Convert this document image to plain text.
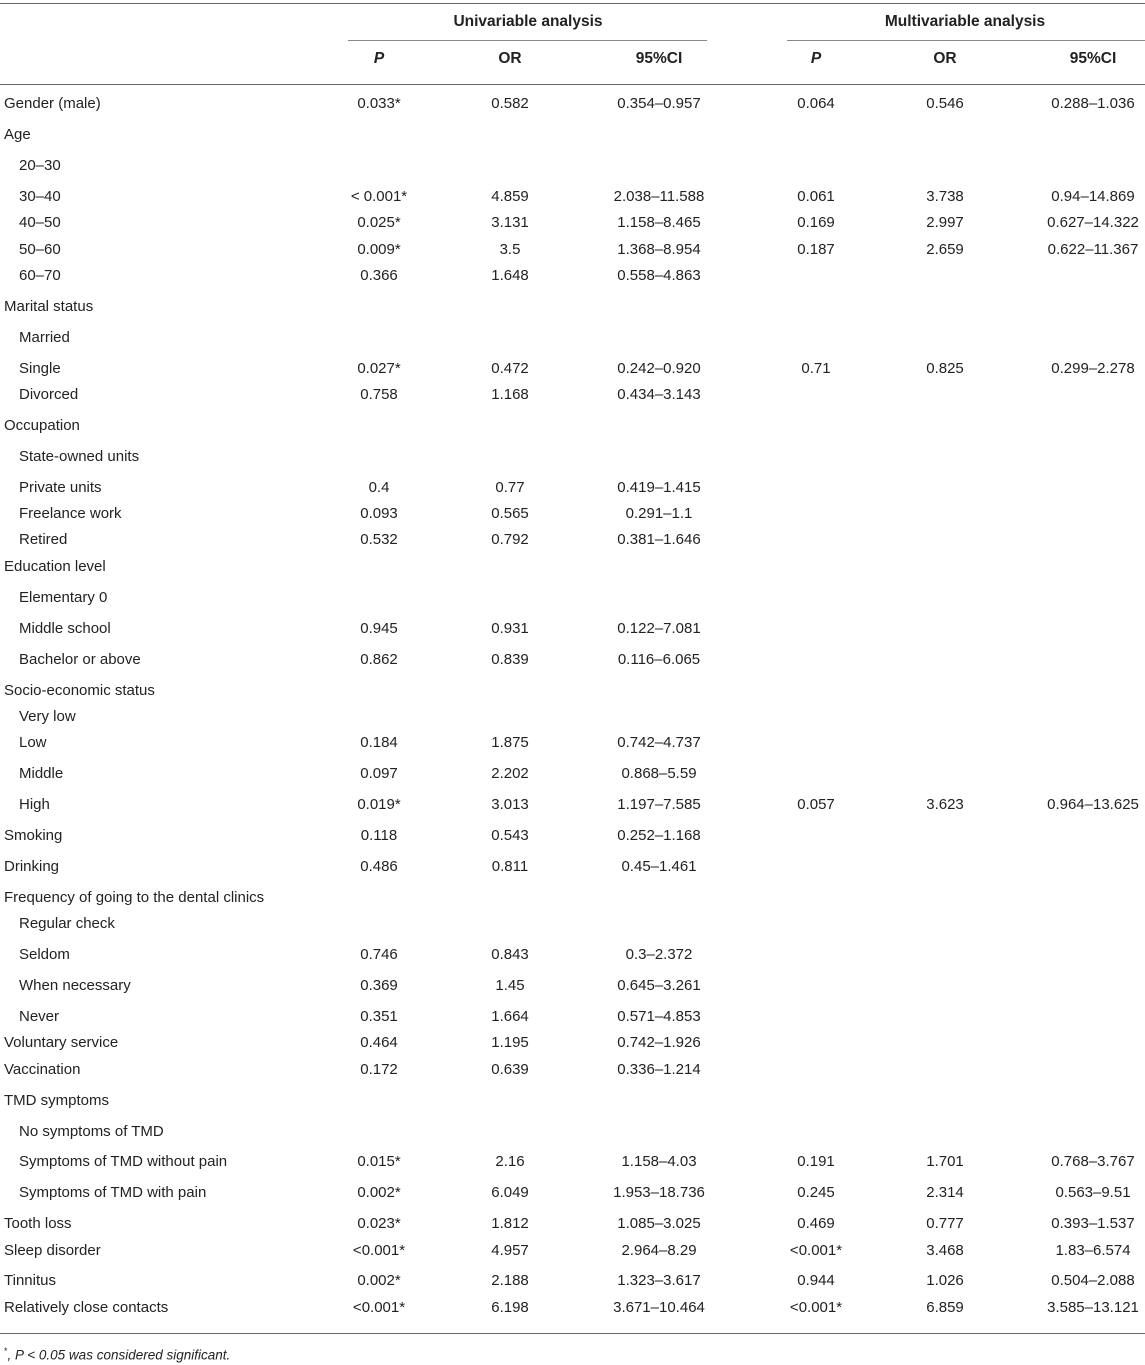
Univariable analysis	Multivariable analysis
P	OR	95%CI	P	OR	95%CI
Gender (male)	0.033*	0.582	0.354–0.957	0.064	0.546	0.288–1.036
Age
20–30
30–40	< 0.001*	4.859	2.038–11.588	0.061	3.738	0.94–14.869
40–50	0.025*	3.131	1.158–8.465	0.169	2.997	0.627–14.322
50–60	0.009*	3.5	1.368–8.954	0.187	2.659	0.622–11.367
60–70	0.366	1.648	0.558–4.863
Marital status
Married
Single	0.027*	0.472	0.242–0.920	0.71	0.825	0.299–2.278
Divorced	0.758	1.168	0.434–3.143
Occupation
State-owned units
Private units	0.4	0.77	0.419–1.415
Freelance work	0.093	0.565	0.291–1.1
Retired	0.532	0.792	0.381–1.646
Education level
Elementary 0
Middle school	0.945	0.931	0.122–7.081
Bachelor or above	0.862	0.839	0.116–6.065
Socio-economic status
Very low
Low	0.184	1.875	0.742–4.737
Middle	0.097	2.202	0.868–5.59
High	0.019*	3.013	1.197–7.585	0.057	3.623	0.964–13.625
Smoking	0.118	0.543	0.252–1.168
Drinking	0.486	0.811	0.45–1.461
Frequency of going to the dental clinics
Regular check
Seldom	0.746	0.843	0.3–2.372
When necessary	0.369	1.45	0.645–3.261
Never	0.351	1.664	0.571–4.853
Voluntary service	0.464	1.195	0.742–1.926
Vaccination	0.172	0.639	0.336–1.214
TMD symptoms
No symptoms of TMD
Symptoms of TMD without pain	0.015*	2.16	1.158–4.03	0.191	1.701	0.768–3.767
Symptoms of TMD with pain	0.002*	6.049	1.953–18.736	0.245	2.314	0.563–9.51
Tooth loss	0.023*	1.812	1.085–3.025	0.469	0.777	0.393–1.537
Sleep disorder	<0.001*	4.957	2.964–8.29	<0.001*	3.468	1.83–6.574
Tinnitus	0.002*	2.188	1.323–3.617	0.944	1.026	0.504–2.088
Relatively close contacts	<0.001*	6.198	3.671–10.464	<0.001*	6.859	3.585–13.121
*, P < 0.05 was considered significant.
